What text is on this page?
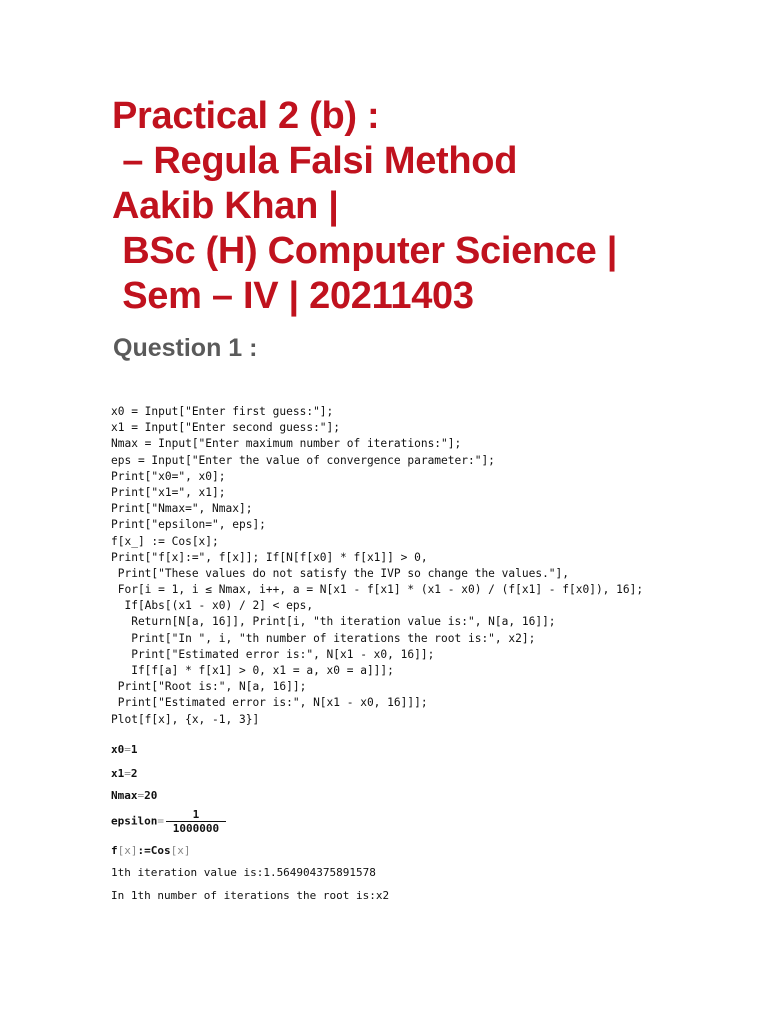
Practical 2 (b) :
– Regula Falsi Method
Aakib Khan |
BSc (H) Computer Science |
Sem – IV | 20211403
Question 1 :
x0 = Input["Enter first guess:"];
x1 = Input["Enter second guess:"];
Nmax = Input["Enter maximum number of iterations:"];
eps = Input["Enter the value of convergence parameter:"];
Print["x0=", x0];
Print["x1=", x1];
Print["Nmax=", Nmax];
Print["epsilon=", eps];
f[x_] := Cos[x];
Print["f[x]:=", f[x]]; If[N[f[x0] * f[x1]] > 0,
Print["These values do not satisfy the IVP so change the values."],
For[i = 1, i ≤ Nmax, i++, a = N[x1 - f[x1] * (x1 - x0) / (f[x1] - f[x0]), 16];
If[Abs[(x1 - x0) / 2] < eps,
Return[N[a, 16]], Print[i, "th iteration value is:", N[a, 16]];
Print["In ", i, "th number of iterations the root is:", x2];
Print["Estimated error is:", N[x1 - x0, 16]];
If[f[a] * f[x1] > 0, x1 = a, x0 = a]]];
Print["Root is:", N[a, 16]];
Print["Estimated error is:", N[x1 - x0, 16]]];
Plot[f[x], {x, -1, 3}]
x0=1
x1=2
Nmax=20
epsilon= $\frac{1}{1000000}$
f[x]:=Cos[x]
1th iteration value is:1.564904375891578
In 1th number of iterations the root is:x2
